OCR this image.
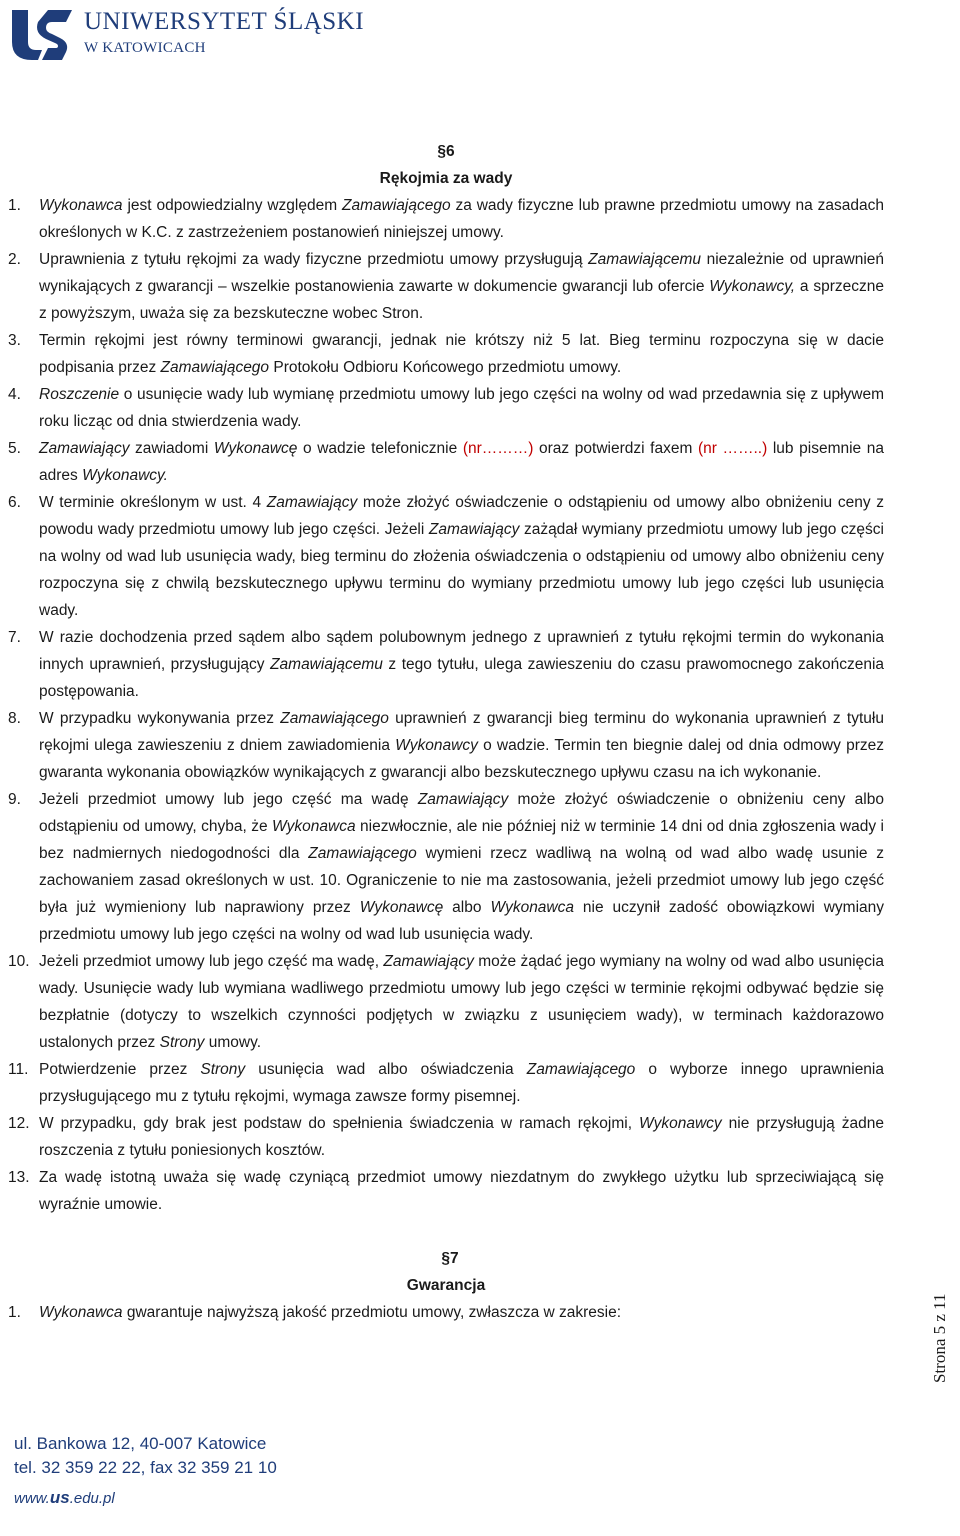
UNIWERSYTET ŚLĄSKI
W KATOWICACH

§6

Rękojmia za wady

1. Wykonawca jest odpowiedzialny względem Zamawiającego za wady fizyczne lub prawne przedmiotu umowy na zasadach określonych w K.C. z zastrzeżeniem postanowień niniejszej umowy.
2. Uprawnienia z tytułu rękojmi za wady fizyczne przedmiotu umowy przysługują Zamawiającemu niezależnie od uprawnień wynikających z gwarancji – wszelkie postanowienia zawarte w dokumencie gwarancji lub ofercie Wykonawcy, a sprzeczne z powyższym, uważa się za bezskuteczne wobec Stron.
3. Termin rękojmi jest równy terminowi gwarancji, jednak nie krótszy niż 5 lat. Bieg terminu rozpoczyna się w dacie podpisania przez Zamawiającego Protokołu Odbioru Końcowego przedmiotu umowy.
4. Roszczenie o usunięcie wady lub wymianę przedmiotu umowy lub jego części na wolny od wad przedawnia się z upływem roku licząc od dnia stwierdzenia wady.
5. Zamawiający zawiadomi Wykonawcę o wadzie telefonicznie (nr………) oraz potwierdzi faxem (nr ……..) lub pisemnie na adres Wykonawcy.
6. W terminie określonym w ust. 4 Zamawiający może złożyć oświadczenie o odstąpieniu od umowy albo obniżeniu ceny z powodu wady przedmiotu umowy lub jego części. Jeżeli Zamawiający zażądał wymiany przedmiotu umowy lub jego części na wolny od wad lub usunięcia wady, bieg terminu do złożenia oświadczenia o odstąpieniu od umowy albo obniżeniu ceny rozpoczyna się z chwilą bezskutecznego upływu terminu do wymiany przedmiotu umowy lub jego części lub usunięcia wady.
7. W razie dochodzenia przed sądem albo sądem polubownym jednego z uprawnień z tytułu rękojmi termin do wykonania innych uprawnień, przysługujący Zamawiającemu z tego tytułu, ulega zawieszeniu do czasu prawomocnego zakończenia postępowania.
8. W przypadku wykonywania przez Zamawiającego uprawnień z gwarancji bieg terminu do wykonania uprawnień z tytułu rękojmi ulega zawieszeniu z dniem zawiadomienia Wykonawcy o wadzie. Termin ten biegnie dalej od dnia odmowy przez gwaranta wykonania obowiązków wynikających z gwarancji albo bezskutecznego upływu czasu na ich wykonanie.
9. Jeżeli przedmiot umowy lub jego część ma wadę Zamawiający może złożyć oświadczenie o obniżeniu ceny albo odstąpieniu od umowy, chyba, że Wykonawca niezwłocznie, ale nie później niż w terminie 14 dni od dnia zgłoszenia wady i bez nadmiernych niedogodności dla Zamawiającego wymieni rzecz wadliwą na wolną od wad albo wadę usunie z zachowaniem zasad określonych w ust. 10. Ograniczenie to nie ma zastosowania, jeżeli przedmiot umowy lub jego część była już wymieniony lub naprawiony przez Wykonawcę albo Wykonawca nie uczynił zadość obowiązkowi wymiany przedmiotu umowy lub jego części na wolny od wad lub usunięcia wady.
10. Jeżeli przedmiot umowy lub jego część ma wadę, Zamawiający może żądać jego wymiany na wolny od wad albo usunięcia wady. Usunięcie wady lub wymiana wadliwego przedmiotu umowy lub jego części w terminie rękojmi odbywać będzie się bezpłatnie (dotyczy to wszelkich czynności podjętych w związku z usunięciem wady), w terminach każdorazowo ustalonych przez Strony umowy.
11. Potwierdzenie przez Strony usunięcia wad albo oświadczenia Zamawiającego o wyborze innego uprawnienia przysługującego mu z tytułu rękojmi, wymaga zawsze formy pisemnej.
12. W przypadku, gdy brak jest podstaw do spełnienia świadczenia w ramach rękojmi, Wykonawcy nie przysługują żadne roszczenia z tytułu poniesionych kosztów.
13. Za wadę istotną uważa się wadę czyniącą przedmiot umowy niezdatnym do zwykłego użytku lub sprzeciwiającą się wyraźnie umowie.

§7

Gwarancja

1. Wykonawca gwarantuje najwyższą jakość przedmiotu umowy, zwłaszcza w zakresie:	Strona 5 z 11
ul. Bankowa 12, 40-007 Katowice
tel. 32 359 22 22, fax 32 359 21 10
www.us.edu.pl
